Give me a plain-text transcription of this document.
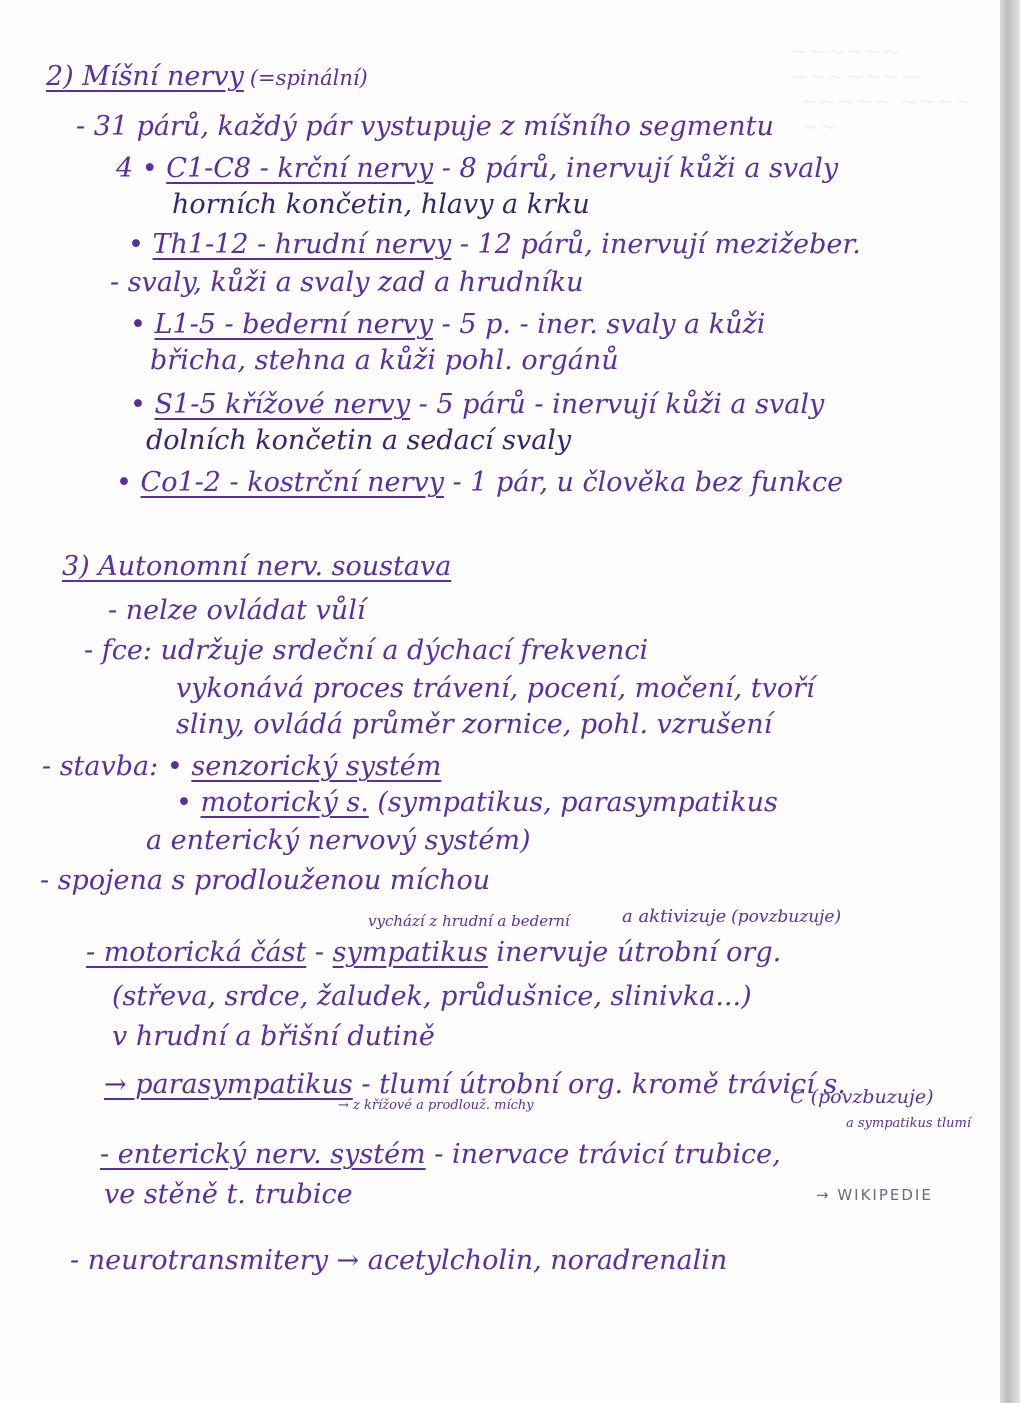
~~~~~~ ~~~~~~~
~~~~~ ~~~~ ~~
2) Míšní nervy (=spinální)
- 31 párů, každý pár vystupuje z míšního segmentu
4 • C1-C8 - krční nervy - 8 párů, inervují kůži a svaly
horních končetin, hlavy a krku
• Th1-12 - hrudní nervy - 12 párů, inervují mezižeber.
- svaly, kůži a svaly zad a hrudníku
• L1-5 - bederní nervy - 5 p. - iner. svaly a kůži
břicha, stehna a kůži pohl. orgánů
• S1-5 křížové nervy - 5 párů - inervují kůži a svaly
dolních končetin a sedací svaly
• Co1-2 - kostrční nervy - 1 pár, u člověka bez funkce
3) Autonomní nerv. soustava
- nelze ovládat vůlí
- fce: udržuje srdeční a dýchací frekvenci
vykonává proces trávení, pocení, močení, tvoří
sliny, ovládá průměr zornice, pohl. vzrušení
- stavba: • senzorický systém
• motorický s. (sympatikus, parasympatikus
a enterický nervový systém)
- spojena s prodlouženou míchou
vychází z hrudní a bederní	a aktivizuje (povzbuzuje)
- motorická část - sympatikus inervuje útrobní org.
(střeva, srdce, žaludek, průdušnice, slinivka...)
v hrudní a břišní dutině
→ parasympatikus - tlumí útrobní org. kromě trávicí s.
→ z křížové a prodlouž. míchy	C (povzbuzuje)
a sympatikus tlumí
- enterický nerv. systém - inervace trávicí trubice,
ve stěně t. trubice	→ WIKIPEDIE
- neurotransmitery → acetylcholin, noradrenalin
